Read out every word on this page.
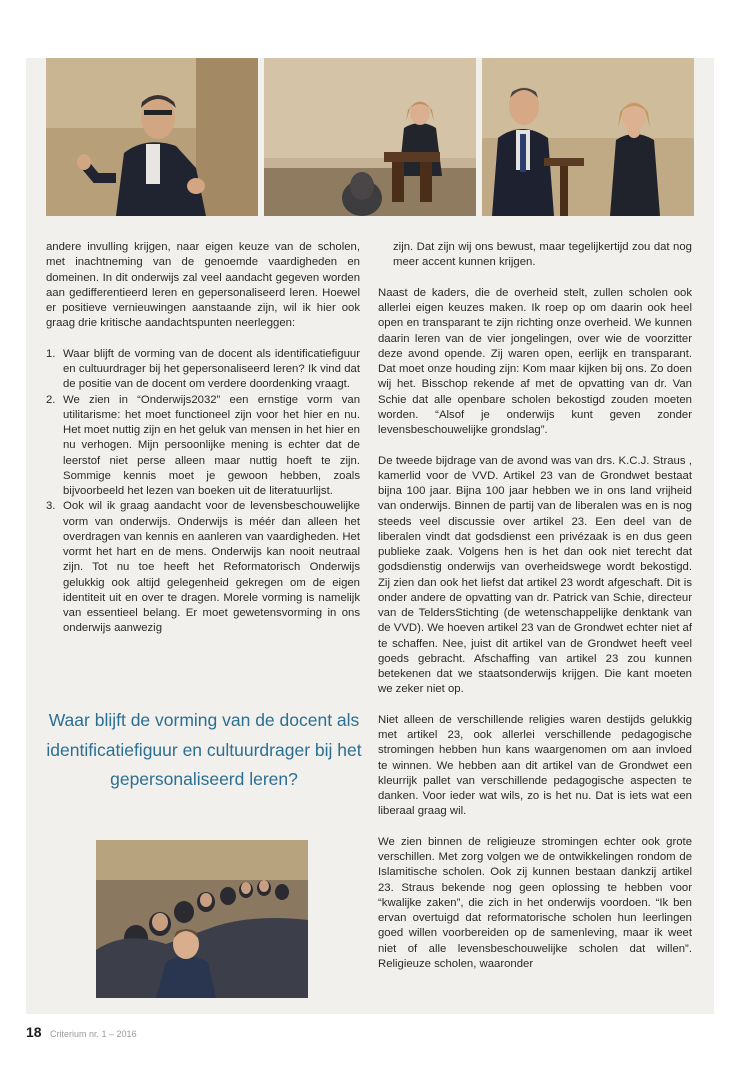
andere invulling krijgen, naar eigen keuze van de scholen, met inachtneming van de genoemde vaardigheden en domeinen. In dit onderwijs zal veel aandacht gegeven worden aan gedifferentieerd leren en gepersonaliseerd leren. Hoewel er positieve vernieuwingen aanstaande zijn, wil ik hier ook graag drie kritische aandachtspunten neerleggen:

1. Waar blijft de vorming van de docent als identificatiefiguur en cultuurdrager bij het gepersonaliseerd leren? Ik vind dat de positie van de docent om verdere doordenking vraagt.
2. We zien in “Onderwijs2032” een ernstige vorm van utilitarisme: het moet functioneel zijn voor het hier en nu. Het moet nuttig zijn en het geluk van mensen in het hier en nu verhogen. Mijn persoonlijke mening is echter dat de leerstof niet perse alleen maar nuttig hoeft te zijn. Sommige kennis moet je gewoon hebben, zoals bijvoorbeeld het lezen van boeken uit de literatuurlijst.
3. Ook wil ik graag aandacht voor de levensbeschouwelijke vorm van onderwijs. Onderwijs is méér dan alleen het overdragen van kennis en aanleren van vaardigheden. Het vormt het hart en de mens. Onderwijs kan nooit neutraal zijn. Tot nu toe heeft het Reformatorisch Onderwijs gelukkig ook altijd gelegenheid gekregen om de eigen identiteit uit en over te dragen. Morele vorming is namelijk van essentieel belang. Er moet gewetensvorming in ons onderwijs aanwezig

Waar blijft de vorming van de docent als identificatiefiguur en cultuurdrager bij het gepersonaliseerd leren?

zijn. Dat zijn wij ons bewust, maar tegelijkertijd zou dat nog meer accent kunnen krijgen.

Naast de kaders, die de overheid stelt, zullen scholen ook allerlei eigen keuzes maken. Ik roep op om daarin ook heel open en transparant te zijn richting onze overheid. We kunnen daarin leren van de vier jongelingen, over wie de voorzitter deze avond opende. Zij waren open, eerlijk en transparant. Dat moet onze houding zijn: Kom maar kijken bij ons. Zo doen wij het. Bisschop rekende af met de opvatting van dr. Van Schie dat alle openbare scholen bekostigd zouden moeten worden. “Alsof je onderwijs kunt geven zonder levensbeschouwelijke grondslag”.

De tweede bijdrage van de avond was van drs. K.C.J. Straus , kamerlid voor de VVD. Artikel 23 van de Grondwet bestaat bijna 100 jaar. Bijna 100 jaar hebben we in ons land vrijheid van onderwijs. Binnen de partij van de liberalen was en is nog steeds veel discussie over artikel 23. Een deel van de liberalen vindt dat godsdienst een privézaak is en dus geen publieke zaak. Volgens hen is het dan ook niet terecht dat godsdienstig onderwijs van overheidswege wordt bekostigd. Zij zien dan ook het liefst dat artikel 23 wordt afgeschaft. Dit is onder andere de opvatting van dr. Patrick van Schie, directeur van de TeldersStichting (de wetenschappelijke denktank van de VVD). We hoeven artikel 23 van de Grondwet echter niet af te schaffen. Nee, juist dit artikel van de Grondwet heeft veel goeds gebracht. Afschaffing van artikel 23 zou kunnen betekenen dat we staatsonderwijs krijgen. Die kant moeten we zeker niet op.

Niet alleen de verschillende religies waren destijds gelukkig met artikel 23, ook allerlei verschillende pedagogische stromingen hebben hun kans waargenomen om aan invloed te winnen. We hebben aan dit artikel van de Grondwet een kleurrijk pallet van verschillende pedagogische aspecten te danken. Voor ieder wat wils, zo is het nu. Dat is iets wat een liberaal graag wil.

We zien binnen de religieuze stromingen echter ook grote verschillen. Met zorg volgen we de ontwikkelingen rondom de Islamitische scholen. Ook zij kunnen bestaan dankzij artikel 23. Straus bekende nog geen oplossing te hebben voor “kwalijke zaken”, die zich in het onderwijs voordoen. “Ik ben ervan overtuigd dat reformatorische scholen hun leerlingen goed willen voorbereiden op de samenleving, maar ik weet niet of alle levensbeschouwelijke scholen dat willen”. Religieuze scholen, waaronder

18 Criterium nr. 1 – 2016
